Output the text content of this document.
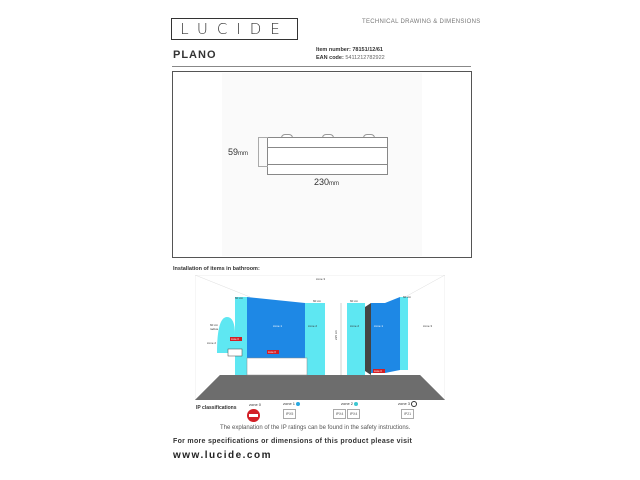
LUCIDE	TECHNICAL DRAWING & DIMENSIONS
PLANO	Item number: 78151/12/61
EAN code: 5411212782922
59mm
230mm
Installation of items in bathroom:
zone 3
60 cm
60 cm	60 cm
60 cm
zone 1	zone 2
60 cm
radius
zone 2
zone 0
zone 0
225 cm
zone 2	zone 1
zone 0
zone 3
IP classifications
zone 0	zone 1
IPX5
zone 2
IPX4	IPX4
zone 3
IP21
The explanation of the IP ratings can be found in the safety instructions.
For more specifications or dimensions of this product please visit
www.lucide.com
